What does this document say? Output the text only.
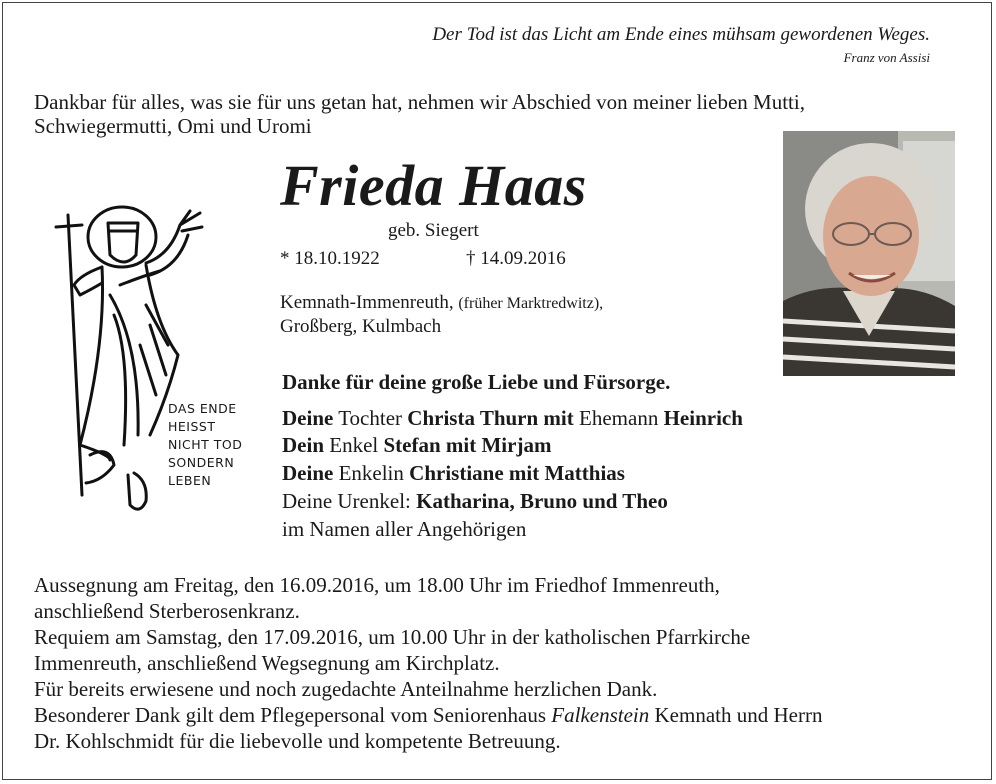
Der Tod ist das Licht am Ende eines mühsam gewordenen Weges.
Franz von Assisi
Dankbar für alles, was sie für uns getan hat, nehmen wir Abschied von meiner lieben Mutti, Schwiegermutti, Omi und Uromi
Frieda Haas
geb. Siegert
* 18.10.1922	† 14.09.2016
Kemnath-Immenreuth, (früher Marktredwitz),
Großberg, Kulmbach
DAS ENDE
HEISST
NICHT TOD
SONDERN
LEBEN
Danke für deine große Liebe und Fürsorge.
Deine Tochter Christa Thurn mit Ehemann Heinrich
Dein Enkel Stefan mit Mirjam
Deine Enkelin Christiane mit Matthias
Deine Urenkel: Katharina, Bruno und Theo
im Namen aller Angehörigen

Aussegnung am Freitag, den 16.09.2016, um 18.00 Uhr im Friedhof Immenreuth,

anschließend Sterberosenkranz.

Requiem am Samstag, den 17.09.2016, um 10.00 Uhr in der katholischen Pfarrkirche

Immenreuth, anschließend Wegsegnung am Kirchplatz.

Für bereits erwiesene und noch zugedachte Anteilnahme herzlichen Dank.

Besonderer Dank gilt dem Pflegepersonal vom Seniorenhaus Falkenstein Kemnath und Herrn

Dr. Kohlschmidt für die liebevolle und kompetente Betreuung.
